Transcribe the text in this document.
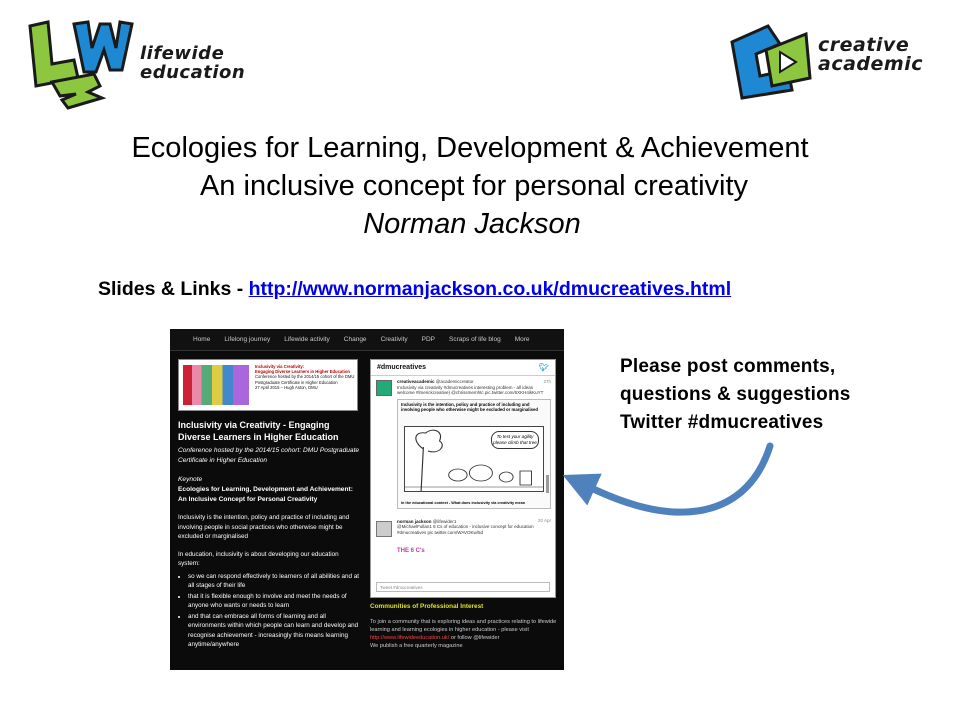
lifewide
education
creative
academic
Ecologies for Learning, Development & Achievement
An inclusive concept for personal creativity
Norman Jackson
Slides & Links - http://www.normanjackson.co.uk/dmucreatives.html
Home	Lifelong journey	Lifewide activity	Change	Creativity	PDP	Scraps of life blog	More
Inclusivity via Creativity:
Engaging Diverse Learners in Higher Education
Conference hosted by the 2014/15 cohort of the DMU
Postgraduate Certificate in Higher Education
27 April 2015 – Hugh Aston, DMU
Inclusivity via Creativity - Engaging Diverse Learners in Higher Education
Conference hosted by the 2014/15 cohort: DMU Postgraduate Certificate in Higher Education
Keynote
Ecologies for Learning, Development and Achievement: An Inclusive Concept for Personal Creativity
Inclusivity is the intention, policy and practice of including and involving people in social practices who otherwise might be excluded or marginalised
In education, inclusivity is about developing our education system:
• so we can respond effectively to learners of all abilities and at all stages of their life
• that it is flexible enough to involve and meet the needs of anyone who wants or needs to learn
• and that can embrace all forms of learning and all environments within which people can learn and develop and recognise achievement - increasingly this means learning anytime/anywhere
#dmucreatives	🐦︎
creativeacademic @academiccreator	27h
Inclusivity via creativity #dmucreatives interesting problem - all ideas welcome #lmerickcreative) @chrissmemhtc pic.twitter.com/6XKH4ikKuYT
Inclusivity is the intention, policy and practice of including and involving people who otherwise might be excluded or marginalised
To test your agility please climb that tree
In the educational context - What does inclusivity via creativity mean
norman jackson @lifewider1	20 Apr
@MichaelFullan1 6 Cs of education - inclusive concept for education #dmucreatives pic.twitter.com/WAVOKw/5d
THE 6 C's
Tweet #dmucreatives
Communities of Professional Interest
To join a community that is exploring ideas and practices relating to lifewide learning and learning ecologies in higher education - please visit http://www.lifewideeducation.uk/ or follow @lifewider
We publish a free quarterly magazine
Please post comments,
questions & suggestions
Twitter #dmucreatives
